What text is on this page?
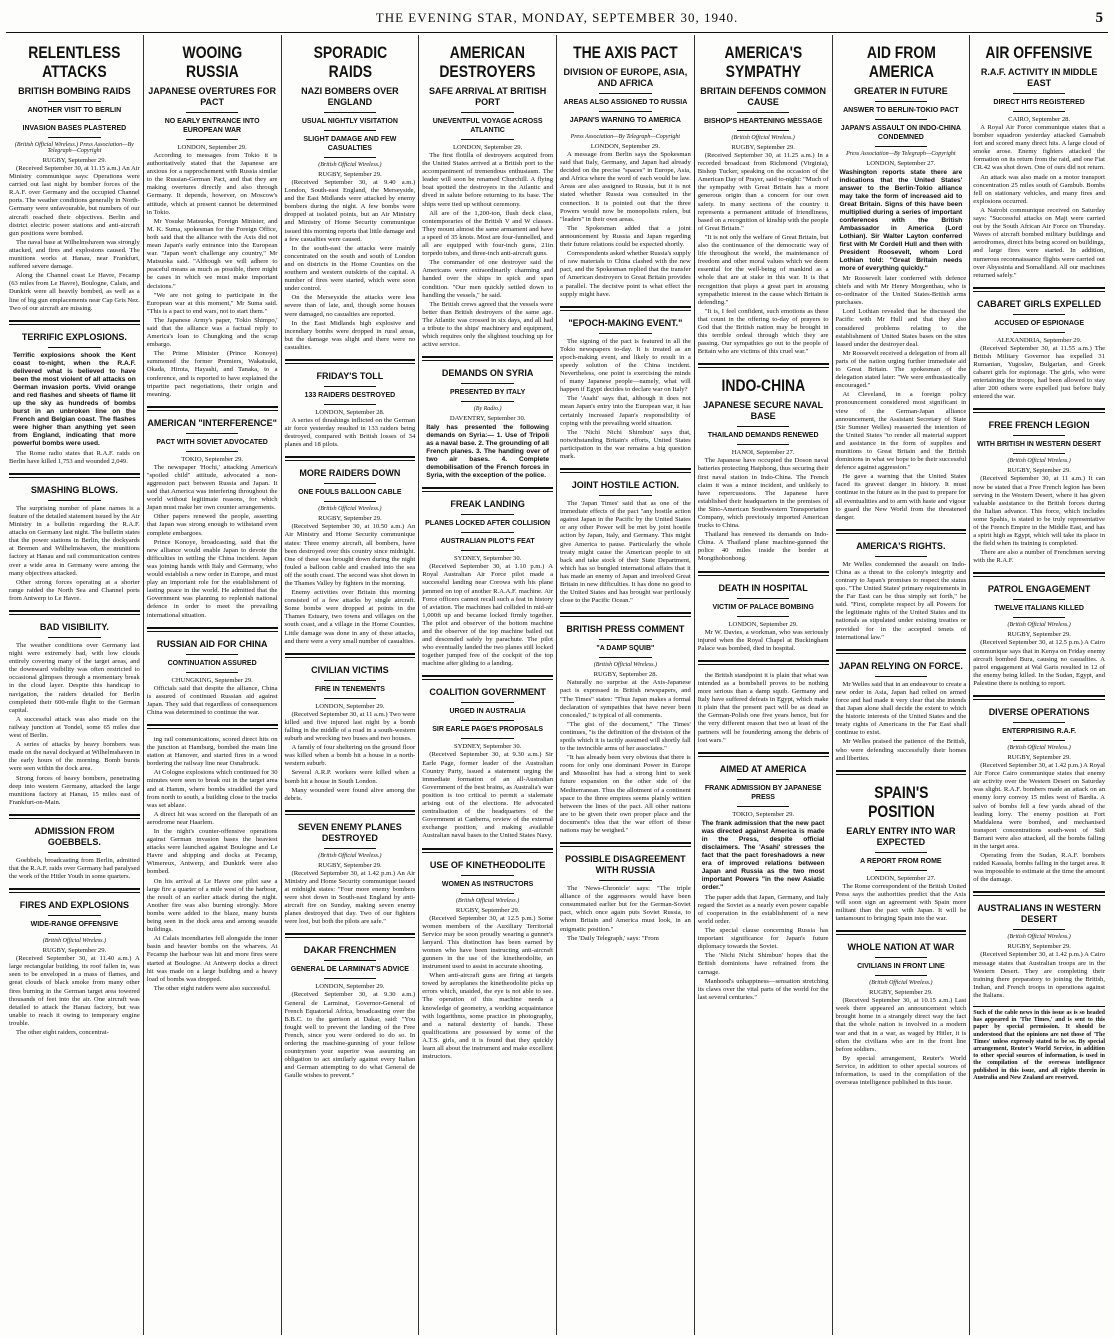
THE EVENING STAR, MONDAY, SEPTEMBER 30, 1940.	5
RELENTLESS ATTACKS
BRITISH BOMBING RAIDS
ANOTHER VISIT TO BERLIN
INVASION BASES PLASTERED
(British Official Wireless.) Press Association—By Telegraph—Copyright
RUGBY, September 29.

(Received September 30, at 11.15 a.m.) An Air Ministry communique says: Operations were carried out last night by bomber forces of the R.A.F. over Germany and the occupied Channel ports. The weather conditions generally in North-Germany were unfavourable, but numbers of our aircraft reached their objectives. Berlin and district electric power stations and anti-aircraft gun positions were bombed.

The naval base at Wilhelmshaven was strongly attacked, and fires and explosions caused. The munitions works at Hanau, near Frankfurt, suffered severe damage.

Along the Channel coast Le Havre, Fecamp (63 miles from Le Havre), Boulogne, Calais, and Dunkirk were all heavily bombed, as well as a line of big gun emplacements near Cap Gris Nez. Two of our aircraft are missing.

TERRIFIC EXPLOSIONS.
Terrific explosions shook the Kent coast to-night, when the R.A.F. delivered what is believed to have been the most violent of all attacks on German invasion ports. Vivid orange and red flashes and sheets of flame lit up the sky as hundreds of bombs burst in an unbroken line on the French and Belgian coast. The flashes were higher than anything yet seen from England, indicating that more powerful bombs were used.

The Rome radio states that R.A.F. raids on Berlin have killed 1,753 and wounded 2,049.

SMASHING BLOWS.

The surprising number of plane names is a feature of the detailed statement issued by the Air Ministry in a bulletin regarding the R.A.F. attacks on Germany last night. The bulletin states that the power stations in Berlin, the dockyards at Bremen and Wilhelmshaven, the munitions factory at Hanau and rail communication centres over a wide area in Germany were among the many objectives attacked.

Other strong forces operating at a shorter range raided the North Sea and Channel ports from Antwerp to Le Havre.

BAD VISIBILITY.

The weather conditions over Germany last night were extremely bad, with low clouds entirely covering many of the target areas, and the downward visibility was often restricted to occasional glimpses through a momentary break in the cloud layer. Despite this handicap to navigation, the raiders detailed for Berlin completed their 600-mile flight to the German capital.

A successful attack was also made on the railway junction at Tondel, some 65 miles due west of Berlin.

A series of attacks by heavy bombers was made on the naval dockyard at Wilhelmshaven in the early hours of the morning. Bomb bursts were seen within the dock area.

Strong forces of heavy bombers, penetrating deep into western Germany, attacked the large munitions factory at Hanau, 15 miles east of Frankfurt-on-Main.

ADMISSION FROM GOEBBELS.

Goebbels, broadcasting from Berlin, admitted that the R.A.F. raids over Germany had paralysed the work of the Hitler Youth in some quarters.

FIRES AND EXPLOSIONS
WIDE-RANGE OFFENSIVE
(British Official Wireless.)
RUGBY, September 29.

(Received September 30, at 11.40 a.m.) A large rectangular building, its roof fallen in, was seen to be enveloped in a mass of flames, and great clouds of black smoke from many other fires burning in the German target area towered thousands of feet into the air. One aircraft was detailed to attack the Hanau factory, but was unable to reach it owing to temporary engine trouble.

The other eight raiders, concentrat-

WOOING RUSSIA
JAPANESE OVERTURES FOR PACT
NO EARLY ENTRANCE INTO EUROPEAN WAR
LONDON, September 29.

According to messages from Tokio it is authoritatively stated that the Japanese are anxious for a rapprochement with Russia similar to the Russian-German Pact, and that they are making overtures directly and also through Germany. It depends, however, on Moscow's attitude, which at present cannot be determined in Tokio.

Mr Yosuke Matsuoka, Foreign Minister, and M. K. Suma, spokesman for the Foreign Office, both said that the alliance with the Axis did not mean Japan's early entrance into the European war. "Japan won't challenge any country," Mr Matsuoka said. "Although we will adhere to peaceful means as much as possible, there might be cases in which we must make important decisions."

"We are not going to participate in the European war at this moment," Mr Suma said. "This is a pact to end wars, not to start them."

The Japanese Army's paper, 'Tokio Shimpo,' said that the alliance was a factual reply to America's loan to Chungking and the scrap embargo.

The Prime Minister (Prince Konoye) summoned the former Premiers, Wakatsuki, Okada, Hirota, Hayashi, and Tanaka, to a conference, and is reported to have explained the tripartite pact negotiations, their origin and meaning.

AMERICAN "INTERFERENCE"
PACT WITH SOVIET ADVOCATED
TOKIO, September 29.

The newspaper 'Hochi,' attacking America's "spoiled child" attitude, advocated a non-aggression pact between Russia and Japan. It said that America was interfering throughout the world without legitimate reasons, for which Japan must make her own counter arrangements.

Other papers renewed the people, asserting that Japan was strong enough to withstand even complete embargoes.

Prince Konoye, broadcasting, said that the new alliance would enable Japan to devote the difficulties in settling the China incident. Japan was joining hands with Italy and Germany, who would establish a new order in Europe, and must play an important role for the establishment of lasting peace in the world. He admitted that the Government was planning to replenish national defence in order to meet the prevailing international situation.

RUSSIAN AID FOR CHINA
CONTINUATION ASSURED
CHUNGKING, September 29.

Officials said that despite the alliance, China is assured of continued Russian aid against Japan. They said that regardless of consequences China was determined to continue the war.

ing rail communications, scored direct hits on the junction at Hamburg, bombed the main line station at Hanover, and started fires in a wood bordering the railway line near Osnabruck.

At Cologne explosions which continued for 30 minutes were seen to break out in the target area and at Hamm, where bombs straddled the yard from north to south, a building close to the tracks was set ablaze.

A direct hit was scored on the flarepath of an aerodrome near Haarlem.

In the night's counter-offensive operations against German invasion bases the heaviest attacks were launched against Boulogne and Le Havre and shipping and docks at Fecamp, Wimereux, Antwerp, and Dunkirk were also bombed.

On his arrival at Le Havre one pilot saw a large fire a quarter of a mile west of the harbour, the result of an earlier attack during the night. Another fire was also burning strongly. More bombs were added to the blaze, many bursts being seen in the dock area and among seaside buildings.

At Calais incendiaries fell alongside the inner basin and heavier bombs on the wharves. At Fecamp the harbour was hit and more fires were started at Boulogne. At Antwerp docks a direct hit was made on a large building and a heavy load of bombs was dropped.

The other eight raiders were also successful.

SPORADIC RAIDS
NAZI BOMBERS OVER ENGLAND
USUAL NIGHTLY VISITATION
SLIGHT DAMAGE AND FEW CASUALTIES
(British Official Wireless.)
RUGBY, September 29.

(Received September 30, at 9.40 a.m.) London, South-east England, the Merseyside, and the East Midlands were attacked by enemy bombers during the night. A few bombs were dropped at isolated points, but an Air Ministry and Ministry of Home Security communique issued this morning reports that little damage and a few casualties were caused.

In the south-east the attacks were mainly concentrated on the south and south of London and on districts in the Home Counties on the southern and western outskirts of the capital. A number of fires were started, which were soon under control.

On the Merseyside the attacks were less severe than of late, and, though some houses were damaged, no casualties are reported.

In the East Midlands high explosive and incendiary bombs were dropped in rural areas, but the damage was slight and there were no casualties.

FRIDAY'S TOLL
133 RAIDERS DESTROYED
LONDON, September 28.

A series of thrashings inflicted on the German air force yesterday resulted in 133 raiders being destroyed, compared with British losses of 34 planes and 18 pilots.

MORE RAIDERS DOWN
ONE FOULS BALLOON CABLE
(British Official Wireless.)
RUGBY, September 29.

(Received September 30, at 10.50 a.m.) An Air Ministry and Home Security communique states: Three enemy aircraft, all bombers, have been destroyed over this country since midnight. One of these was brought down during the night fouled a balloon cable and crashed into the sea off the south coast. The second was shot down in the Thames Valley by fighters in the morning.

Enemy activities over Britain this morning consisted of a few attacks by single aircraft. Some bombs were dropped at points in the Thames Estuary, two towns and villages on the south coast, and a village in the Home Counties. Little damage was done in any of these attacks, and there were a very small number of casualties.

CIVILIAN VICTIMS
FIRE IN TENEMENTS
LONDON, September 29.

(Received September 30, at 11 a.m.) Two were killed and five injured last night by a bomb falling in the middle of a road in a south-western suburb and wrecking two buses and two houses.

A family of four sheltering on the ground floor was killed when a bomb hit a house in a north-western suburb.

Several A.R.P. workers were killed when a bomb hit a house in South London.

Many wounded were found alive among the debris.

SEVEN ENEMY PLANES DESTROYED
(British Official Wireless.)
RUGBY, September 29.

(Received September 30, at 1.42 p.m.) An Air Ministry and Home Security communique issued at midnight states: "Four more enemy bombers were shot down in South-east England by anti-aircraft fire on Sunday, making seven enemy planes destroyed that day. Two of our fighters were lost, but both the pilots are safe."

DAKAR FRENCHMEN
GENERAL DE LARMINAT'S ADVICE
LONDON, September 29.

(Received September 30, at 9.30 a.m.) General de Larminat, Governor-General of French Equatorial Africa, broadcasting over the B.B.C. to the garrison at Dakar, said: "You fought well to prevent the landing of the Free French, since you were ordered to do so. In ordering the machine-gunning of your fellow countrymen your superior was assuming an obligation to act similarly against every Italian and German attempting to do what General de Gaulle wishes to prevent."

AMERICAN DESTROYERS
SAFE ARRIVAL AT BRITISH PORT
UNEVENTFUL VOYAGE ACROSS ATLANTIC
LONDON, September 29.

The first flotilla of destroyers acquired from the United States arrived at a British port to the accompaniment of tremendous enthusiasm. The leader will soon be renamed Churchill. A flying boat spotted the destroyers in the Atlantic and dived in salute before returning to its base. The ships were tied up without ceremony.

All are of the 1,200-ton, flush deck class, contemporaries of the British V and W classes. They mount almost the same armament and have a speed of 35 knots. Most are four-funnelled, and all are equipped with four-inch guns, 21in torpedo tubes, and three-inch anti-aircraft guns.

The commander of one destroyer said the Americans were extraordinarily charming and handed over the ships in spick and span condition. "Our men quickly settled down to handling the vessels," he said.

The British crews agreed that the vessels were better than British destroyers of the same age. The Atlantic was crossed in six days, and all had a tribute to the ships' machinery and equipment, which requires only the slightest touching up for active service.

DEMANDS ON SYRIA
PRESENTED BY ITALY
(By Radio.)
DAVENTRY, September 30.
Italy has presented the following demands on Syria:— 1. Use of Tripoli as a naval base. 2. The grounding of all French planes. 3. The handing over of two air bases. 4. Complete demobilisation of the French forces in Syria, with the exception of the police.
FREAK LANDING
PLANES LOCKED AFTER COLLISION
AUSTRALIAN PILOT'S FEAT
SYDNEY, September 30.

(Received September 30, at 1.10 p.m.) A Royal Australian Air Force pilot made a successful landing near Corowa with his plane jammed on top of another R.A.A.F. machine. Air Force officers cannot recall such a feat in history of aviation. The machines had collided in mid-air 1,000ft up and became locked firmly together. The pilot and observer of the bottom machine and the observer of the top machine bailed out and descended safely by parachute. The pilot who eventually landed the two planes still locked together jumped free of the cockpit of the top machine after gliding to a landing.

COALITION GOVERNMENT
URGED IN AUSTRALIA
SIR EARLE PAGE'S PROPOSALS
SYDNEY, September 30.

(Received September 30, at 9.30 a.m.) Sir Earle Page, former leader of the Australian Country Party, issued a statement urging the immediate formation of an all-Australian Government of the best brains, as Australia's war position is too critical to permit a stalemate arising out of the elections. He advocated centralisation of the headquarters of the Government at Canberra, review of the external exchange position, and making available Australian naval bases to the United States Navy.

USE OF KINETHEODOLITE
WOMEN AS INSTRUCTORS
(British Official Wireless.)
RUGBY, September 29.

(Received September 30, at 12.5 p.m.) Some women members of the Auxiliary Territorial Service may be soon proudly wearing a gunner's lanyard. This distinction has been earned by women who have been instructing anti-aircraft gunners in the use of the kinetheodolite, an instrument used to assist in accurate shooting.

When anti-aircraft guns are firing at targets towed by aeroplanes the kinetheodolite picks up errors which, unaided, the eye is not able to see. The operation of this machine needs a knowledge of geometry, a working acquaintance with logarithms, some practice in photography, and a natural dexterity of hands. These qualifications are possessed by some of the A.T.S. girls, and it is found that they quickly learn all about the instrument and make excellent instructors.

THE AXIS PACT
DIVISION OF EUROPE, ASIA, AND AFRICA
AREAS ALSO ASSIGNED TO RUSSIA
JAPAN'S WARNING TO AMERICA
Press Association—By Telegraph—Copyright
LONDON, September 29.

A message from Berlin says the Spokesman said that Italy, Germany, and Japan had already decided on the precise "spaces" in Europe, Asia, and Africa where the word of each would be law. Areas are also assigned to Russia, but it is not stated whether Russia was consulted in the connection. It is pointed out that the three Powers would now be monopolists rulers, but "leaders" in their own areas.

The Spokesman added that a joint announcement by Russia and Japan regarding their future relations could be expected shortly.

Correspondents asked whether Russia's supply of raw materials to China clashed with the new pact, and the Spokesman replied that the transfer of American destroyers to Great Britain provides a parallel. The decisive point is what effect the supply might have.

"EPOCH-MAKING EVENT."

The signing of the pact is featured in all the Tokio newspapers to-day. It is treated as an epoch-making event, and likely to result in a speedy solution of the China incident. Nevertheless, one point is exercising the minds of many Japanese people—namely, what will happen if Egypt decides to declare war on Italy?

The 'Asahi' says that, although it does not mean Japan's entry into the European war, it has certainly increased Japan's responsibility of coping with the prevailing world situation.

The 'Nichi Nichi Shimbun' says that, notwithstanding Britain's efforts, United States participation in the war remains a big question mark.

JOINT HOSTILE ACTION.

The 'Japan Times' said that as one of the immediate effects of the pact "any hostile action against Japan in the Pacific by the United States or any other Power will be met by joint hostile action by Japan, Italy, and Germany. This might give America to pause. Particularly the whole treaty might cause the American people to sit back and take stock of their State Department, which has so bungled international affairs that it has made an enemy of Japan and involved Great Britain in new difficulties. It has done no good to the United States and has brought war perilously close to the Pacific Ocean."

BRITISH PRESS COMMENT
"A DAMP SQUIB"
(British Official Wireless.)
RUGBY, September 28.

Naturally no surprise at the Axis-Japanese pact is expressed in British newspapers, and "The Times" states: "Thus Japan makes a formal declaration of sympathies that have never been concealed," is typical of all comments.

"The gist of the document," 'The Times' continues, "is the definition of the division of the spoils which it is tacitly assumed will shortly fall to the invincible arms of her associates."

"It has already been very obvious that there is room for only one dominant Power in Europe and Mussolini has had a strong hint to seek future expansion on the other side of the Mediterranean. Thus the allotment of a continent space to the three empires seems plainly written between the lines of the pact. All other nations are to be given their own proper place and the document's idea that the war effort of these nations may be weighed."

POSSIBLE DISAGREEMENT WITH RUSSIA

The 'News-Chronicle' says: "The triple alliance of the aggressors would have been consummated earlier but for the German-Soviet pact, which once again puts Soviet Russia, to whom Britain and America must look, in an enigmatic position."

The 'Daily Telegraph,' says: "From

AMERICA'S SYMPATHY
BRITAIN DEFENDS COMMON CAUSE
BISHOP'S HEARTENING MESSAGE
(British Official Wireless.)
RUGBY, September 29.

(Received September 30, at 11.25 a.m.) In a recorded broadcast from Richmond (Virginia), Bishop Tucker, speaking on the occasion of the American Day of Prayer, said to-night: "Much of the sympathy with Great Britain has a more generous origin than a concern for our own safety. In many sections of the country it represents a permanent attitude of friendliness, based on a recognition of kinship with the people of Great Britain."

"It is not only the welfare of Great Britain, but also the continuance of the democratic way of life throughout the world, the maintenance of freedom and other moral values which we deem essential for the well-being of mankind as a whole that are at stake in this war. It is that recognition that plays a great part in arousing sympathetic interest in the cause which Britain is defending."

"It is, I feel confident, such emotions as these that count in the offering to-day of prayers to God that the British nation may be brought in this terrible ordeal through which they are passing. Our sympathies go out to the people of Britain who are victims of this cruel war."

INDO-CHINA
JAPANESE SECURE NAVAL BASE
THAILAND DEMANDS RENEWED
HANOI, September 27.

The Japanese have occupied the Doson naval batteries protecting Haiphong, thus securing their first naval station in Indo-China. The French claim it was a minor incident, and unlikely to have repercussions. The Japanese have established their headquarters in the premises of the Sino-American Southwestern Transportation Company, which previously imported American trucks to China.

Thailand has renewed its demands on Indo-China. A Thailand plane machine-gunned the police 40 miles inside the border at Mongthobonbong.

DEATH IN HOSPITAL
VICTIM OF PALACE BOMBING
LONDON, September 29.

Mr W. Davies, a workman, who was seriously injured when the Royal Chapel at Buckingham Palace was bombed, died in hospital.

the British standpoint it is plain that what was intended as a bombshell proves to be nothing more serious than a damp squib. Germany and Italy have suffered defeats in Egypt, which make it plain that the present pact will be as dead as the German-Polish one five years hence, but for the very different reason that two at least of the partners will be foundering among the debris of lost wars."

AIMED AT AMERICA
FRANK ADMISSION BY JAPANESE PRESS
TOKIO, September 29.
The frank admission that the new pact was directed against America is made in the Press, despite official disclaimers. The 'Asahi' stresses the fact that the pact foreshadows a new era of improved relations between Japan and Russia as the two most important Powers "in the new Asiatic order."

The paper adds that Japan, Germany, and Italy regard the Soviet as a nearly even power capable of cooperation in the establishment of a new world order.

The special clause concerning Russia has important significance for Japan's future diplomacy towards the Soviet.

The 'Nichi Nichi Shimbun' hopes that the British dominions have refrained from the carnage.

Manhood's unhappiness—sensation stretching its claws over the vital parts of the world for the last several centuries."

AID FROM AMERICA
GREATER IN FUTURE
ANSWER TO BERLIN-TOKIO PACT
JAPAN'S ASSAULT ON INDO-CHINA CONDEMNED
Press Association—By Telegraph—Copyright
LONDON, September 27.
Washington reports state there are indications that the United States' answer to the Berlin-Tokio alliance may take the form of increased aid to Great Britain. Signs of this have been multiplied during a series of important conferences with the British Ambassador in America (Lord Lothian). Sir Walter Layton conferred first with Mr Cordell Hull and then with President Roosevelt, whom Lord Lothian told: "Great Britain needs more of everything quickly."

Mr Roosevelt later conferred with defence chiefs and with Mr Henry Morgenthau, who is co-ordinator of the United States-British arms purchases.

Lord Lothian revealed that he discussed the Pacific with Mr Hull and that they also considered problems relating to the establishment of United States bases on the sites leased under the destroyer deal.

Mr Roosevelt received a delegation of from all parts of the nation urging further immediate aid to Great Britain. The spokesman of the delegation stated later: "We were enthusiastically encouraged."

At Cleveland, in a foreign policy pronouncement considered most significant in view of the German-Japan alliance announcement, the Assistant Secretary of State (Sir Sumner Welles) reasserted the intention of the United States "to render all material support and assistance in the form of supplies and munitions to Great Britain and the British dominions in what we hope to be their successful defence against aggression."

He gave a warning that the United States faced its gravest danger in history. It must continue in the future as in the past to prepare for all eventualities and to arm with haste and vigour to guard the New World from the threatened danger.

AMERICA'S RIGHTS.

Mr Welles condemned the assault on Indo-China as a threat to the colony's integrity and contrary to Japan's promises to respect the status quo. "The United States' primary requirements in the Far East can be thus simply set forth," he said. "First, complete respect by all Powers for the legitimate rights of the United States and its nationals as stipulated under existing treaties or provided for in the accepted tenets of international law."

JAPAN RELYING ON FORCE.

Mr Welles said that in an endeavour to create a new order in Asia, Japan had relied on armed force and had made it very clear that she intends that Japan alone shall decide the extent to which the historic interests of the United States and the treaty rights of Americans in the Far East shall continue to exist.

Mr Welles praised the patience of the British, who were defending successfully their homes and liberties.

SPAIN'S POSITION
EARLY ENTRY INTO WAR EXPECTED
A REPORT FROM ROME
LONDON, September 27.

The Rome correspondent of the British United Press says the authorities predict that the Axis will soon sign an agreement with Spain more militant than the pact with Japan. It will be tantamount to bringing Spain into the war.

WHOLE NATION AT WAR
CIVILIANS IN FRONT LINE
(British Official Wireless.)
RUGBY, September 29.

(Received September 30, at 10.15 a.m.) Last week there appeared an announcement which brought home in a strangely direct way the fact that the whole nation is involved in a modern war and that in a war, as waged by Hitler, it is often the civilians who are in the front line before soldiers.

By special arrangement, Reuter's World Service, in addition to other special sources of information, is used in the compilation of the overseas intelligence published in this issue.

AIR OFFENSIVE
R.A.F. ACTIVITY IN MIDDLE EAST
DIRECT HITS REGISTERED
CAIRO, September 28.

A Royal Air Force communique states that a bomber squadron yesterday attacked Gamabub fort and scored many direct hits. A large cloud of smoke arose. Enemy fighters attacked the formation on its return from the raid, and one Fiat CR.42 was shot down. One of ours did not return.

An attack was also made on a motor transport concentration 25 miles south of Gambub. Bombs fell on stationary vehicles, and many fires and explosions occurred.

A Nairobi communique received on Saturday says: "Successful attacks on Maji were carried out by the South African Air Force on Thursday. Waves of aircraft bombed military buildings and aerodromes, direct hits being scored on buildings, and large fires were started. In addition, numerous reconnaissance flights were carried out over Abyssinia and Somaliland. All our machines returned safely."

CABARET GIRLS EXPELLED
ACCUSED OF ESPIONAGE
ALEXANDRIA, September 29.

(Received September 30, at 11.55 a.m.) The British Military Governor has expelled 31 Rumanian, Yugoslav, Bulgarian, and Greek cabaret girls for espionage. The girls, who were entertaining the troops, had been allowed to stay after 200 others were expelled just before Italy entered the war.

FREE FRENCH LEGION
WITH BRITISH IN WESTERN DESERT
(British Official Wireless.)
RUGBY, September 29.

(Received September 30, at 11 a.m.) It can now be stated that a Free French legion has been serving in the Western Desert, where it has given valuable assistance to the British forces during the Italian advance. This force, which includes some Spahis, is stated to be truly representative of the French Empire in the Middle East, and has a spirit high as Egypt, which will take its place in the field when its training is completed.

There are also a number of Frenchmen serving with the R.A.F.

PATROL ENGAGEMENT
TWELVE ITALIANS KILLED
(British Official Wireless.)
RUGBY, September 29.

(Received September 30, at 12.5 p.m.) A Cairo communique says that in Kenya on Friday enemy aircraft bombed Bura, causing no casualties. A patrol engagement at Wal Garis resulted in 12 of the enemy being killed. In the Sudan, Egypt, and Palestine there is nothing to report.

DIVERSE OPERATIONS
ENTERPRISING R.A.F.
(British Official Wireless.)
RUGBY, September 29.

(Received September 30, at 1.42 p.m.) A Royal Air Force Cairo communique states that enemy air activity over the Western Desert on Saturday was slight. R.A.F. bombers made an attack on an enemy lorry convoy 15 miles west of Bardia. A salvo of bombs fell a few yards ahead of the leading lorry. The enemy position at Fort Maddalena were bombed, and mechanised transport concentrations south-west of Sidi Barrani were also attacked, all the bombs falling in the target area.

Operating from the Sudan, R.A.F. bombers raided Kassala, bombs falling in the target area. It was impossible to estimate at the time the amount of the damage.

AUSTRALIANS IN WESTERN DESERT
(British Official Wireless.)
RUGBY, September 29.

(Received September 30, at 1.42 p.m.) A Cairo message states that Australian troops are in the Western Desert. They are completing their training there preparatory to joining the British, Indian, and French troops in operations against the Italians.

Such of the cable news in this issue as is so headed has appeared in 'The Times,' and is sent to this paper by special permission. It should be understood that the opinions are not those of 'The Times' unless expressly stated to be so. By special arrangement, Reuter's World Service, in addition to other special sources of information, is used in the compilation of the overseas intelligence published in this issue, and all rights therein in Australia and New Zealand are reserved.
